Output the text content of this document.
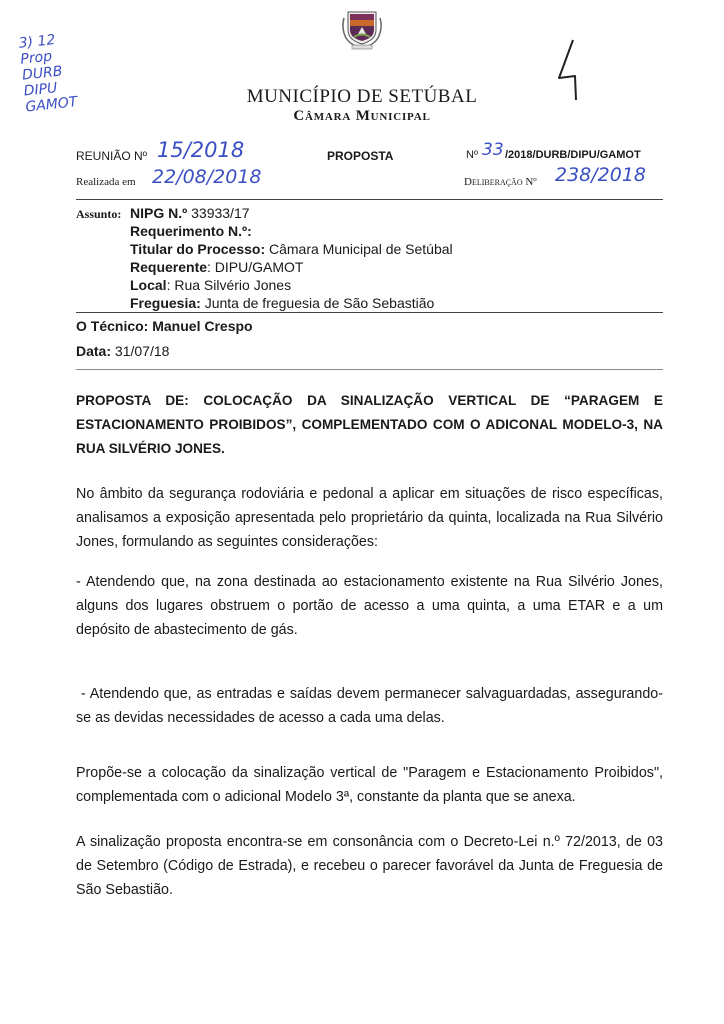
3) 12
Prop
DURB
DIPU
GAMOT
4
MUNICÍPIO DE SETÚBAL
Câmara Municipal
REUNIÃO Nº 15/2018	PROPOSTA	Nº 33 /2018/DURB/DIPU/GAMOT
Realizada em 22/08/2018	Deliberação Nº 238/2018
Assunto: NIPG N.º 33933/17
Requerimento N.º:
Titular do Processo: Câmara Municipal de Setúbal
Requerente: DIPU/GAMOT
Local: Rua Silvério Jones
Freguesia: Junta de freguesia de São Sebastião
O Técnico: Manuel Crespo
Data: 31/07/18
PROPOSTA DE: COLOCAÇÃO DA SINALIZAÇÃO VERTICAL DE “PARAGEM E ESTACIONAMENTO PROIBIDOS”, COMPLEMENTADO COM O ADICONAL MODELO-3, NA RUA SILVÉRIO JONES.
No âmbito da segurança rodoviária e pedonal a aplicar em situações de risco específicas, analisamos a exposição apresentada pelo proprietário da quinta, localizada na Rua Silvério Jones, formulando as seguintes considerações:
- Atendendo que, na zona destinada ao estacionamento existente na Rua Silvério Jones, alguns dos lugares obstruem o portão de acesso a uma quinta, a uma ETAR e a um depósito de abastecimento de gás.
- Atendendo que, as entradas e saídas devem permanecer salvaguardadas, assegurando-se as devidas necessidades de acesso a cada uma delas.
Propõe-se a colocação da sinalização vertical de "Paragem e Estacionamento Proibidos", complementada com o adicional Modelo 3ª, constante da planta que se anexa.
A sinalização proposta encontra-se em consonância com o Decreto-Lei n.º 72/2013, de 03 de Setembro (Código de Estrada), e recebeu o parecer favorável da Junta de Freguesia de São Sebastião.
